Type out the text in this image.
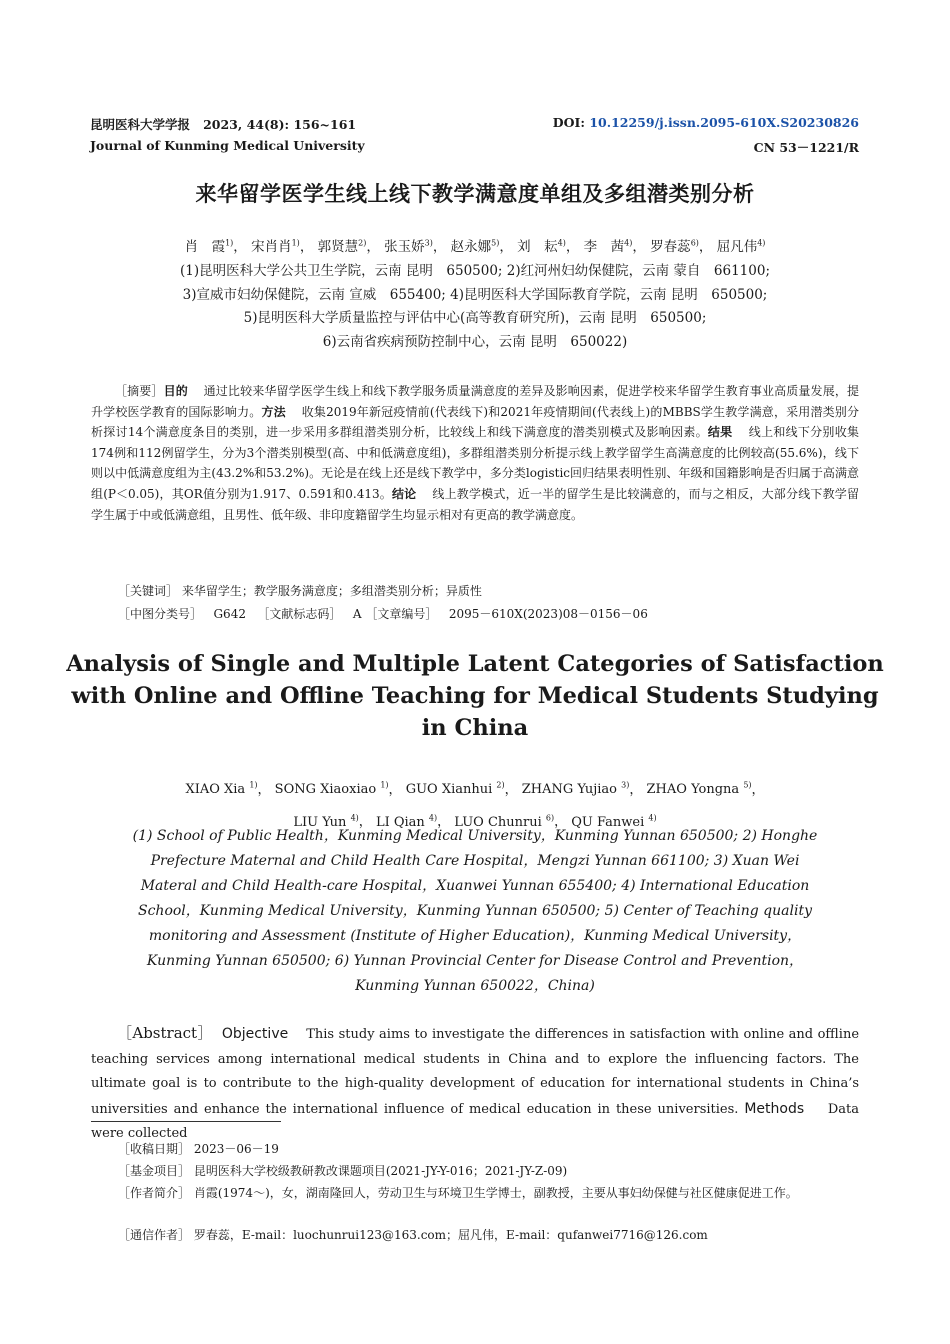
昆明医科大学学报 2023, 44(8): 156~161	DOI: 10.12259/j.issn.2095-610X.S20230826
Journal of Kunming Medical University	CN 53－1221/R
来华留学医学生线上线下教学满意度单组及多组潜类别分析
肖　霞$^{1)}$， 宋肖肖$^{1)}$， 郭贤慧$^{2)}$， 张玉娇$^{3)}$， 赵永娜$^{5)}$， 刘　耘$^{4)}$， 李　茜$^{4)}$， 罗春蕊$^{6)}$， 屈凡伟$^{4)}$
(1)昆明医科大学公共卫生学院，云南 昆明　650500; 2)红河州妇幼保健院，云南 蒙自　661100;
3)宣威市妇幼保健院，云南 宣威　655400; 4)昆明医科大学国际教育学院，云南 昆明　650500;
5)昆明医科大学质量监控与评估中心(高等教育研究所)，云南 昆明　650500;
6)云南省疾病预防控制中心，云南 昆明　650022)
［摘要］目的 通过比较来华留学医学生线上和线下教学服务质量满意度的差异及影响因素，促进学校来华留学生教育事业高质量发展，提升学校医学教育的国际影响力。方法 收集2019年新冠疫情前(代表线下)和2021年疫情期间(代表线上)的MBBS学生教学满意，采用潜类别分析探讨14个满意度条目的类别，进一步采用多群组潜类别分析，比较线上和线下满意度的潜类别模式及影响因素。结果 线上和线下分别收集174例和112例留学生，分为3个潜类别模型(高、中和低满意度组)，多群组潜类别分析提示线上教学留学生高满意度的比例较高(55.6%)，线下则以中低满意度组为主(43.2%和53.2%)。无论是在线上还是线下教学中，多分类logistic回归结果表明性别、年级和国籍影响是否归属于高满意组(P＜0.05)，其OR值分别为1.917、0.591和0.413。结论 线上教学模式，近一半的留学生是比较满意的，而与之相反，大部分线下教学留学生属于中或低满意组，且男性、低年级、非印度籍留学生均显示相对有更高的教学满意度。
［关键词］ 来华留学生；教学服务满意度；多组潜类别分析；异质性
［中图分类号］ G642 ［文献标志码］ A ［文章编号］ 2095－610X(2023)08－0156－06
Analysis of Single and Multiple Latent Categories of Satisfaction with Online and Offline Teaching for Medical Students Studying in China
XIAO Xia $^{1)}$， SONG Xiaoxiao $^{1)}$， GUO Xianhui $^{2)}$， ZHANG Yujiao $^{3)}$， ZHAO Yongna $^{5)}$，
LIU Yun $^{4)}$， LI Qian $^{4)}$， LUO Chunrui $^{6)}$， QU Fanwei $^{4)}$
(1) School of Public Health，Kunming Medical University，Kunming Yunnan 650500; 2) Honghe Prefecture Maternal and Child Health Care Hospital，Mengzi Yunnan 661100; 3) Xuan Wei Materal and Child Health-care Hospital，Xuanwei Yunnan 655400; 4) International Education School，Kunming Medical University，Kunming Yunnan 650500; 5) Center of Teaching quality monitoring and Assessment (Institute of Higher Education)，Kunming Medical University，Kunming Yunnan 650500; 6) Yunnan Provincial Center for Disease Control and Prevention，Kunming Yunnan 650022，China)
［Abstract］ Objective This study aims to investigate the differences in satisfaction with online and offline teaching services among international medical students in China and to explore the influencing factors. The ultimate goal is to contribute to the high-quality development of education for international students in China’s universities and enhance the international influence of medical education in these universities. Methods Data were collected
［收稿日期］ 2023－06－19
［基金项目］ 昆明医科大学校级教研教改课题项目(2021-JY-Y-016；2021-JY-Z-09)
［作者简介］ 肖霞(1974～)，女，湖南隆回人，劳动卫生与环境卫生学博士，副教授，主要从事妇幼保健与社区健康促进工作。
［通信作者］ 罗春蕊，E-mail：luochunrui123@163.com；屈凡伟，E-mail：qufanwei7716@126.com
